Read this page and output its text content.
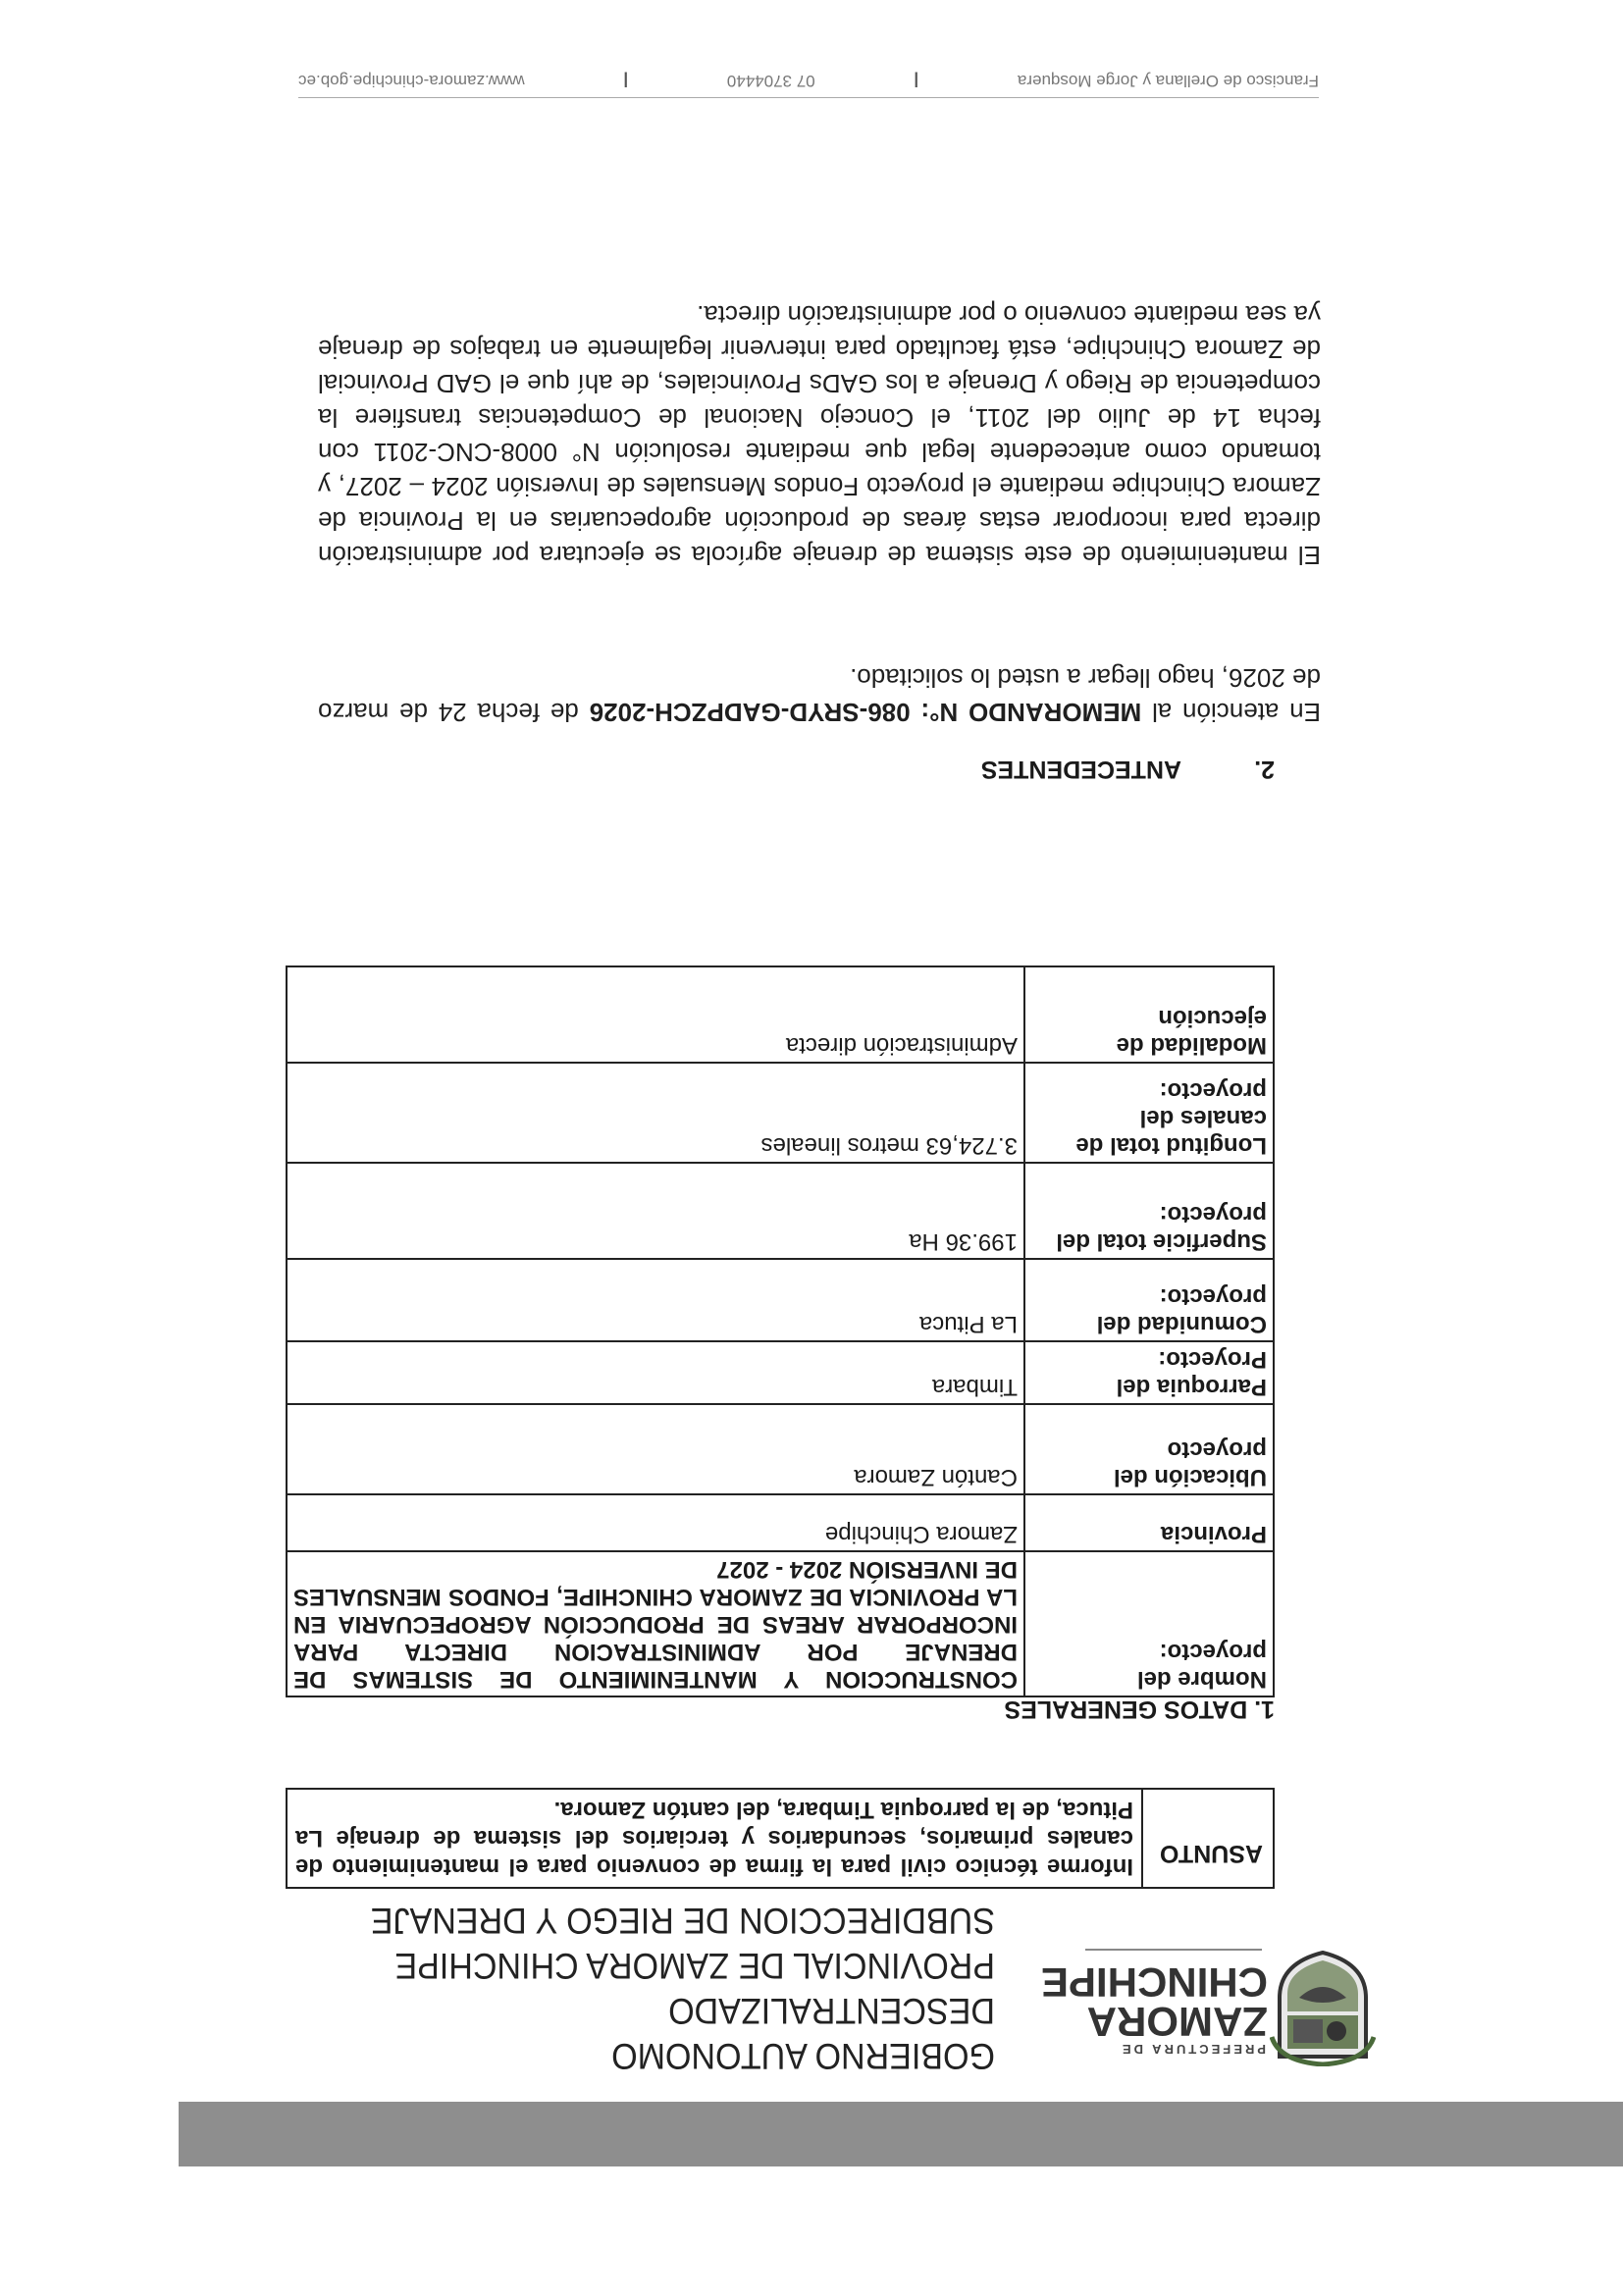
PREFECTURA DE
ZAMORA
CHINCHIPE
GOBIERNO AUTONOMO DESCENTRALIZADO
PROVINCIAL DE ZAMORA CHINCHIPE
SUBDIRECCION DE RIEGO Y DRENAJE
ASUNTO	Informe técnico civil para la firma de convenio para el mantenimiento de canales primarios, secundarios y terciarios del sistema de drenaje La Pitucа, de la parroquia Timbara, del cantón Zamora.
1. DATOS GENERALES
Nombre del proyecto:	CONSTRUCCION Y MANTENIMIENTO DE SISTEMAS DE DRENAJE POR ADMINISTRACION DIRECTA PARA INCORPORAR AREAS DE PRODUCCIÓN AGROPECUARIA EN LA PROVINCIA DE ZAMORA CHINCHIPE, FONDOS MENSUALES DE INVERSIÓN 2024 - 2027
Provincia	Zamora Chinchipe
Ubicación del proyecto	Cantón Zamora
Parroquia del Proyecto:	Timbara
Comunidad del proyecto:	La Pitucа
Superficie total del proyecto:	199.36 Ha
Longitud total de canales del proyecto:	3.724,63 metros lineales
Modalidad de ejecución	Administración directa
2.ANTECEDENTES
En atención al MEMORANDO N°: 086-SRYD-GADPZCH-2026 de fecha 24 de marzo de 2026, hago llegar a usted lo solicitado.
El mantenimiento de este sistema de drenaje agrícola se ejecutara por administración directa para incorporar estas áreas de producción agropecuarias en la Provincia de Zamora Chinchipe mediante el proyecto Fondos Mensuales de Inversión 2024 – 2027, y tomando como antecedente legal que mediante resolución N° 0008-CNC-2011 con fecha 14 de Julio del 2011, el Concejo Nacional de Competencias transfiere la competencia de Riego y Drenaje a los GADs Provinciales, de ahí que el GAD Provincial de Zamora Chinchipe, está facultado para intervenir legalmente en trabajos de drenaje ya sea mediante convenio o por administración directa.
Francisco de Orellana y Jorge Mosquera
|
07 3704440
|
www.zamora-chinchipe.gob.ec
